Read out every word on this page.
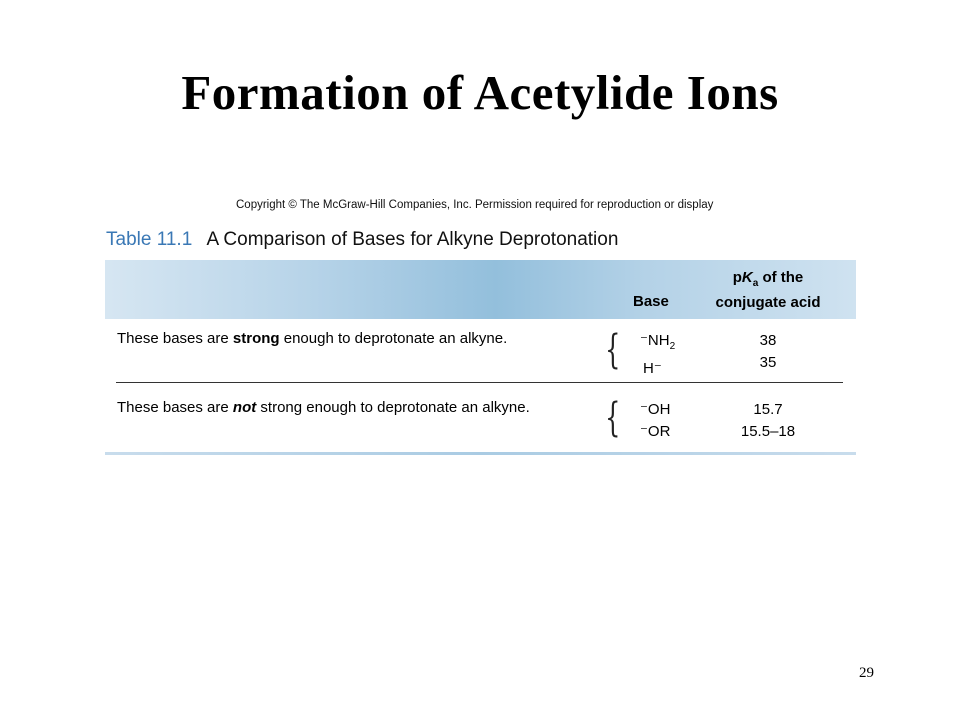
Formation of Acetylide Ions
Copyright © The McGraw-Hill Companies, Inc. Permission required for reproduction or display
Table 11.1 A Comparison of Bases for Alkyne Deprotonation
Base
$pK_a$ of the
conjugate acid
These bases are strong enough to deprotonate an alkyne. { $^-NH_2$
H⁻
38
35
These bases are not strong enough to deprotonate an alkyne. { ⁻OH
⁻OR
15.7
15.5–18
29
